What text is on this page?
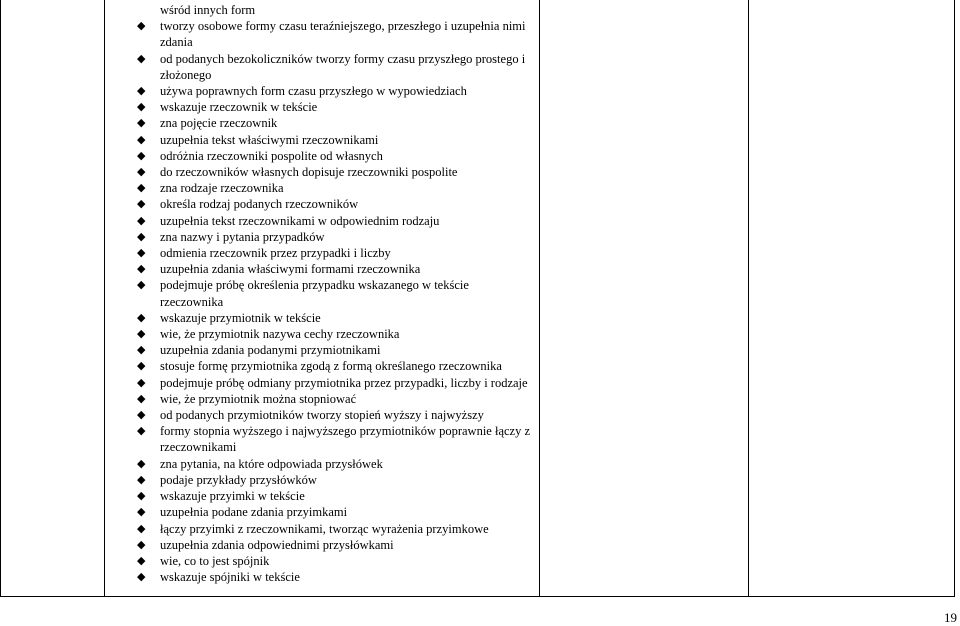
wśród innych form
◆ tworzy osobowe formy czasu teraźniejszego, przeszłego i uzupełnia nimi zdania
◆ od podanych bezokoliczników tworzy formy czasu przyszłego prostego i złożonego
◆ używa poprawnych form czasu przyszłego w wypowiedziach
◆ wskazuje rzeczownik w tekście
◆ zna pojęcie rzeczownik
◆ uzupełnia tekst właściwymi rzeczownikami
◆ odróżnia rzeczowniki pospolite od własnych
◆ do rzeczowników własnych dopisuje rzeczowniki pospolite
◆ zna rodzaje rzeczownika
◆ określa rodzaj podanych rzeczowników
◆ uzupełnia tekst rzeczownikami w odpowiednim rodzaju
◆ zna nazwy i pytania przypadków
◆ odmienia rzeczownik przez przypadki i liczby
◆ uzupełnia zdania właściwymi formami rzeczownika
◆ podejmuje próbę określenia przypadku wskazanego w tekście rzeczownika
◆ wskazuje przymiotnik w tekście
◆ wie, że przymiotnik nazywa cechy rzeczownika
◆ uzupełnia zdania podanymi przymiotnikami
◆ stosuje formę przymiotnika zgodą z formą określanego rzeczownika
◆ podejmuje próbę odmiany przymiotnika przez przypadki, liczby i rodzaje
◆ wie, że przymiotnik można stopniować
◆ od podanych przymiotników tworzy stopień wyższy i najwyższy
◆ formy stopnia wyższego i najwyższego przymiotników poprawnie łączy z rzeczownikami
◆ zna pytania, na które odpowiada przysłówek
◆ podaje przykłady przysłówków
◆ wskazuje przyimki w tekście
◆ uzupełnia podane zdania przyimkami
◆ łączy przyimki z rzeczownikami, tworząc wyrażenia przyimkowe
◆ uzupełnia zdania odpowiednimi przysłówkami
◆ wie, co to jest spójnik
◆ wskazuje spójniki w tekście
19
